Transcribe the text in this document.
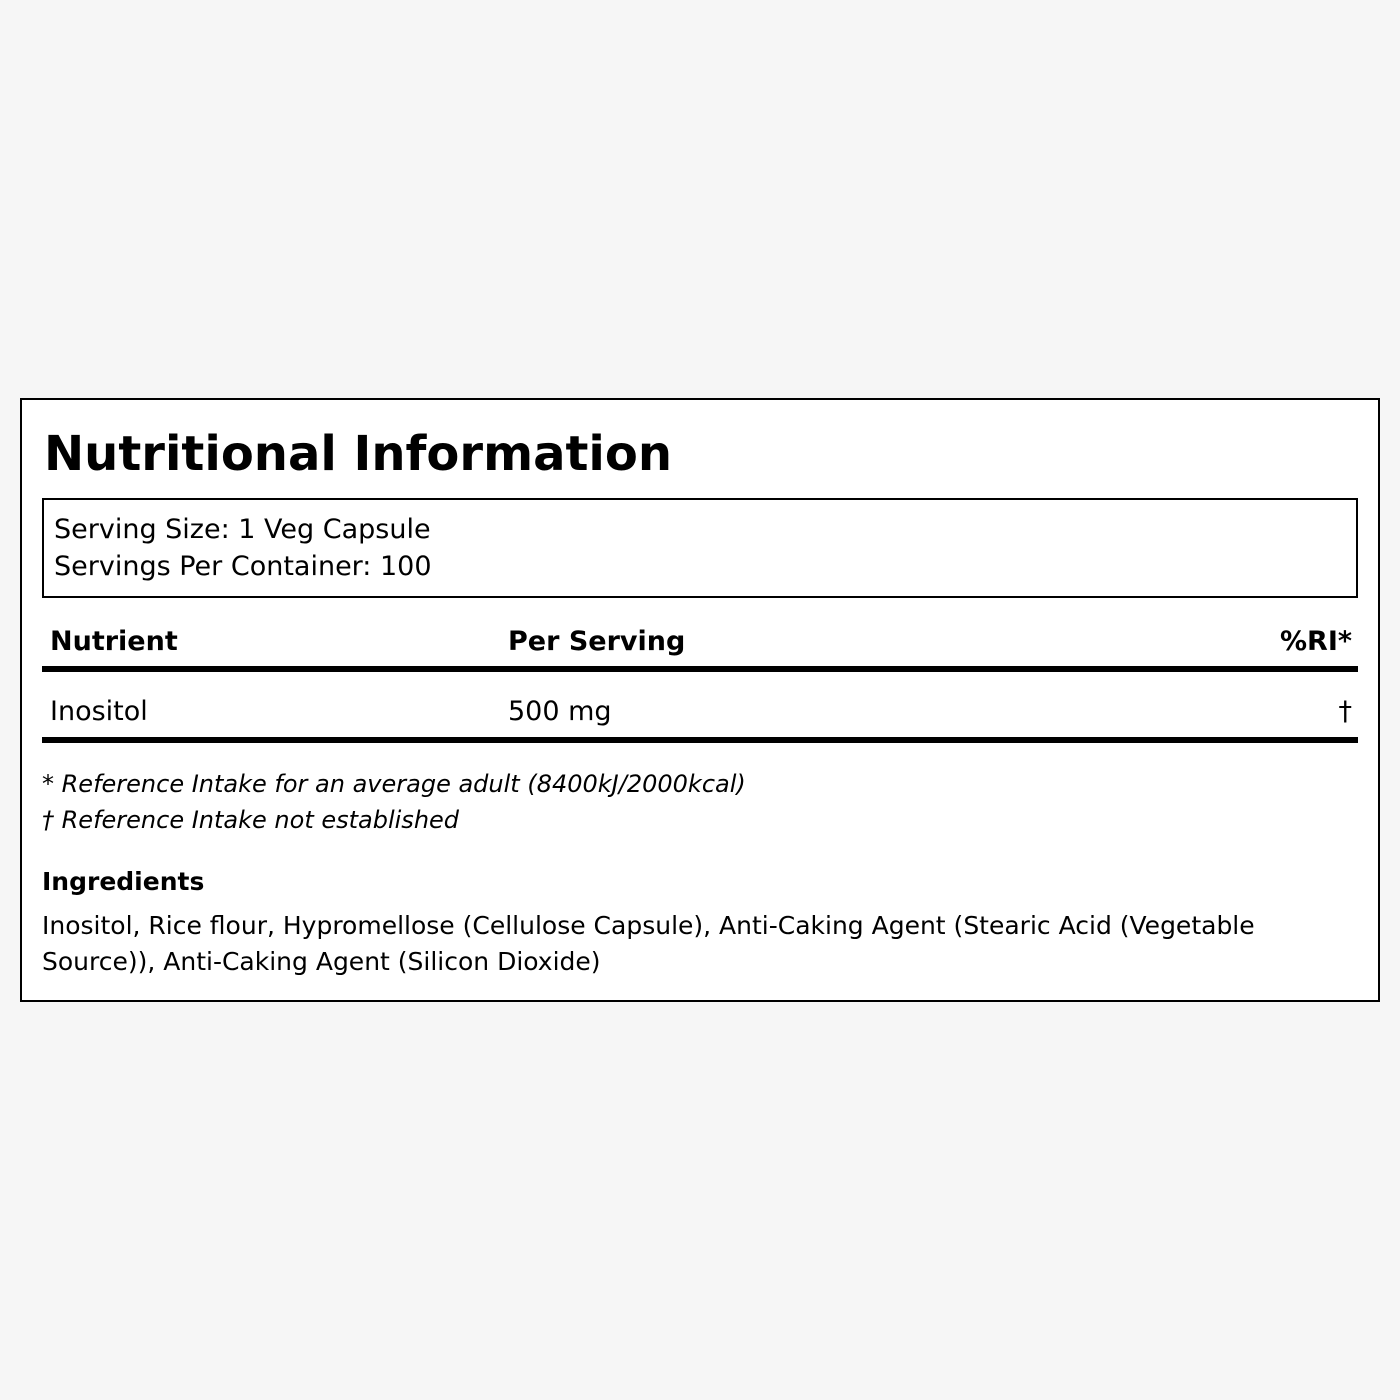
Nutritional Information
Serving Size: 1 Veg Capsule
Servings Per Container: 100
Nutrient	Per Serving	%RI*
Inositol	500 mg	†
* Reference Intake for an average adult (8400kJ/2000kcal)
† Reference Intake not established
Ingredients
Inositol, Rice flour, Hypromellose (Cellulose Capsule), Anti-Caking Agent (Stearic Acid (Vegetable Source)), Anti-Caking Agent (Silicon Dioxide)
